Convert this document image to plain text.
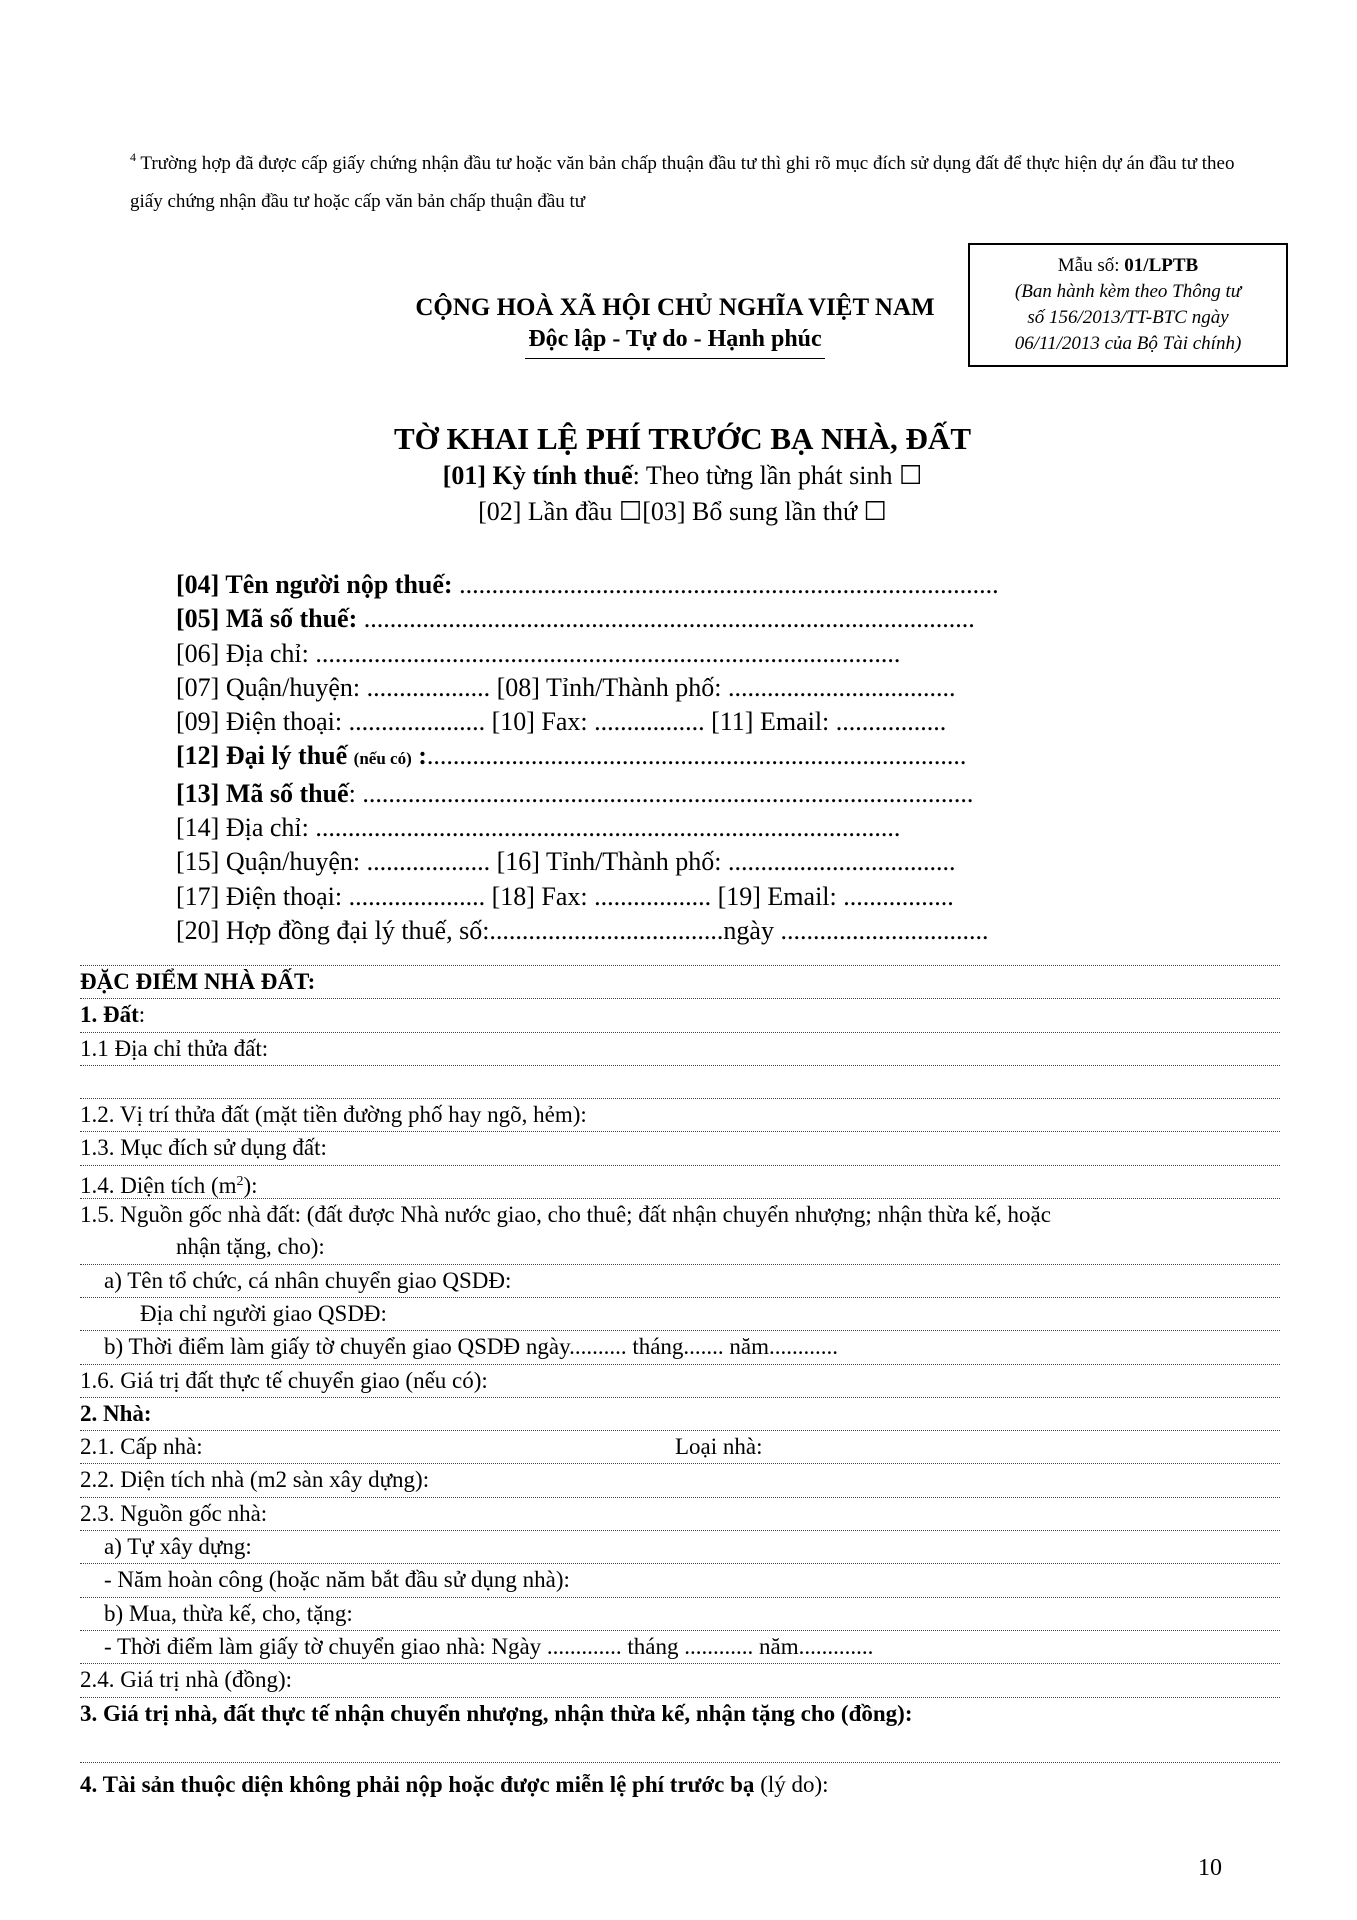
$^4$ Trường hợp đã được cấp giấy chứng nhận đầu tư hoặc văn bản chấp thuận đầu tư thì ghi rõ mục đích sử dụng đất để thực hiện dự án đầu tư theo giấy chứng nhận đầu tư hoặc cấp văn bản chấp thuận đầu tư
CỘNG HOÀ XÃ HỘI CHỦ NGHĨA VIỆT NAM
Độc lập - Tự do - Hạnh phúc
Mẫu số: 01/LPTB
(Ban hành kèm theo Thông tư
số 156/2013/TT-BTC ngày
06/11/2013 của Bộ Tài chính)
TỜ KHAI LỆ PHÍ TRƯỚC BẠ NHÀ, ĐẤT
[01] Kỳ tính thuế: Theo từng lần phát sinh ☐
[02] Lần đầu ☐[03] Bổ sung lần thứ ☐
[04] Tên người nộp thuế: ...................................................................................
[05] Mã số thuế: ..............................................................................................
[06] Địa chỉ: ..........................................................................................
[07] Quận/huyện: ................... [08] Tỉnh/Thành phố: ...................................
[09] Điện thoại: ..................... [10] Fax: ................. [11] Email: .................
[12] Đại lý thuế (nếu có) :...................................................................................
[13] Mã số thuế: ..............................................................................................
[14] Địa chỉ: ..........................................................................................
[15] Quận/huyện: ................... [16] Tỉnh/Thành phố: ...................................
[17] Điện thoại: ..................... [18] Fax: .................. [19] Email: .................
[20] Hợp đồng đại lý thuế, số:....................................ngày ................................
ĐẶC ĐIỂM NHÀ ĐẤT:
1. Đất:
1.1 Địa chỉ thửa đất:
1.2. Vị trí thửa đất (mặt tiền đường phố hay ngõ, hẻm):
1.3. Mục đích sử dụng đất:
1.4. Diện tích $(m^2)$:
1.5. Nguồn gốc nhà đất: (đất được Nhà nước giao, cho thuê; đất nhận chuyển nhượng; nhận thừa kế, hoặc
nhận tặng, cho):
a) Tên tổ chức, cá nhân chuyển giao QSDĐ:
Địa chỉ người giao QSDĐ:
b) Thời điểm làm giấy tờ chuyển giao QSDĐ ngày.......... tháng....... năm............
1.6. Giá trị đất thực tế chuyển giao (nếu có):
2. Nhà:
2.1. Cấp nhà:	Loại nhà:
2.2. Diện tích nhà (m2 sàn xây dựng):
2.3. Nguồn gốc nhà:
a) Tự xây dựng:
- Năm hoàn công (hoặc năm bắt đầu sử dụng nhà):
b) Mua, thừa kế, cho, tặng:
- Thời điểm làm giấy tờ chuyển giao nhà: Ngày ............. tháng ............ năm.............
2.4. Giá trị nhà (đồng):
3. Giá trị nhà, đất thực tế nhận chuyển nhượng, nhận thừa kế, nhận tặng cho (đồng):
4. Tài sản thuộc diện không phải nộp hoặc được miễn lệ phí trước bạ (lý do):
10
